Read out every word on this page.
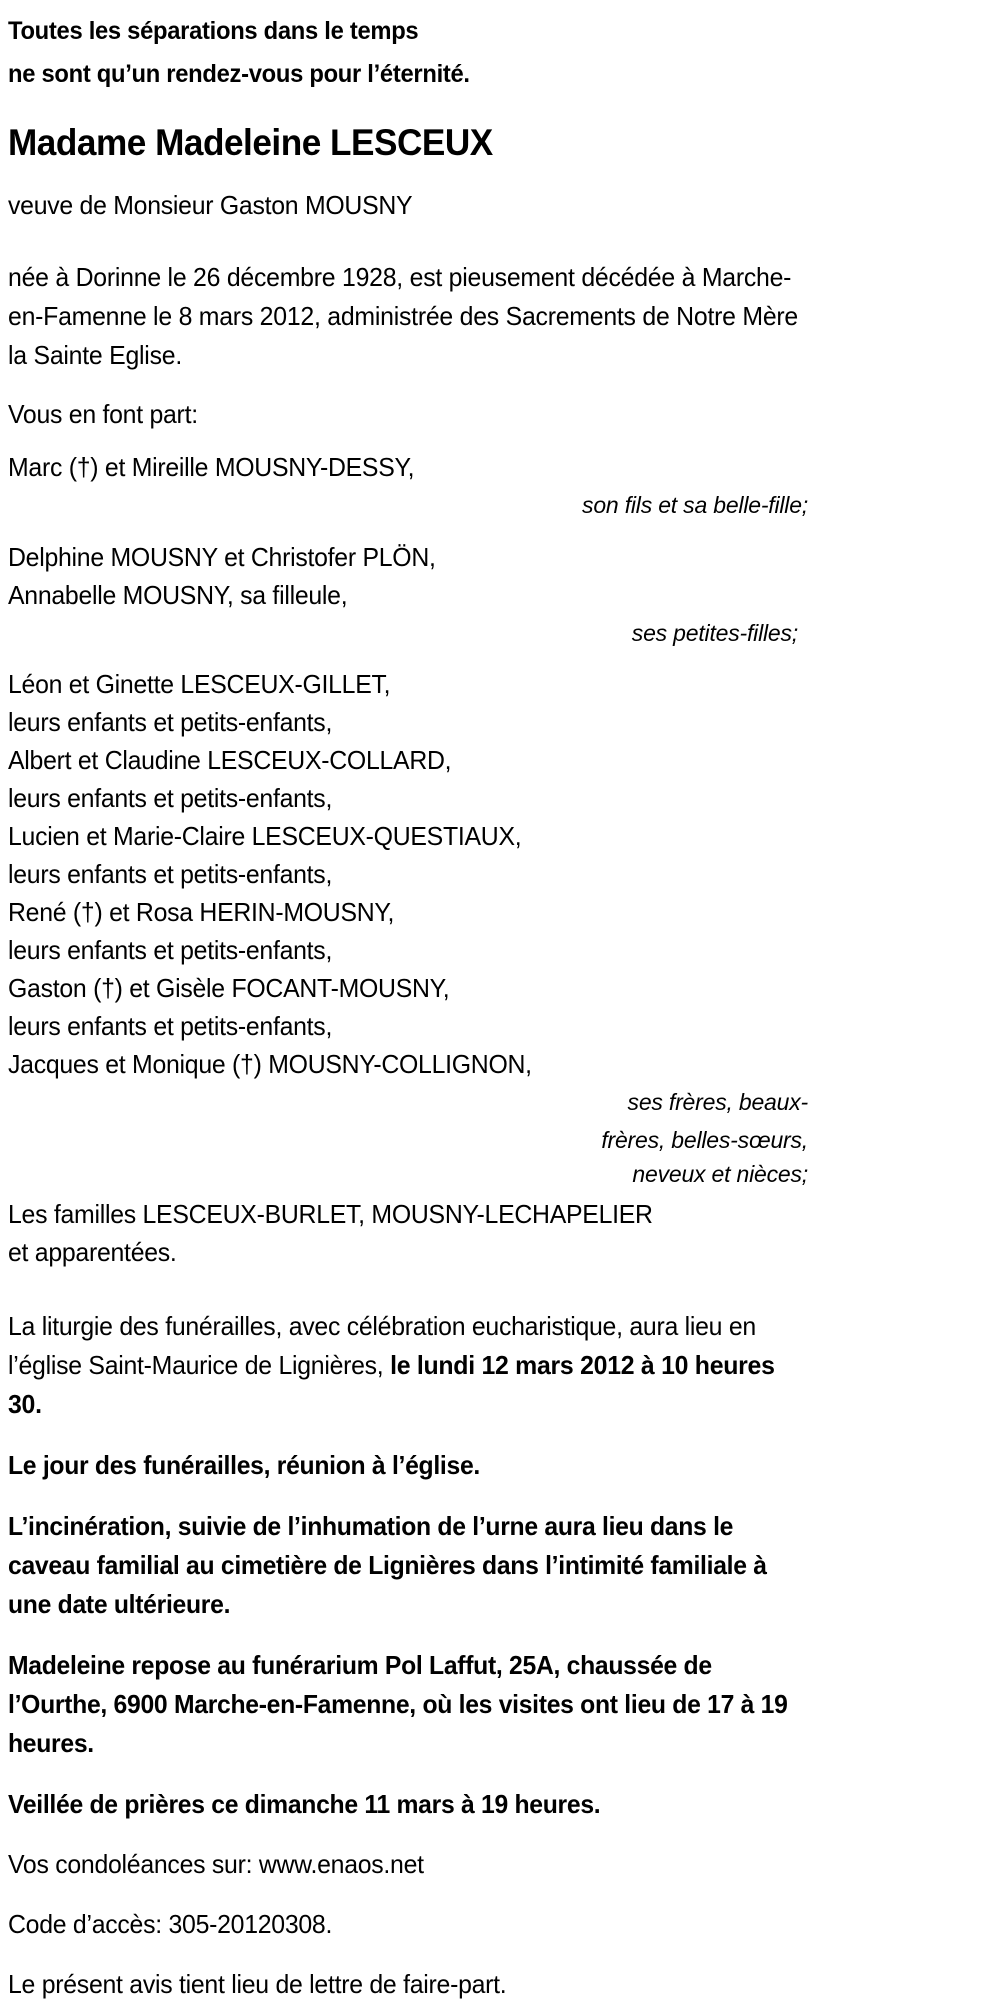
Toutes les séparations dans le temps
ne sont qu’un rendez-vous pour l’éternité.
Madame Madeleine LESCEUX
veuve de Monsieur Gaston MOUSNY
née à Dorinne le 26 décembre 1928, est pieusement décédée à Marche-en-Famenne le 8 mars 2012, administrée des Sacrements de Notre Mère la Sainte Eglise.
Vous en font part:
Marc (†) et Mireille MOUSNY-DESSY,
son fils et sa belle-fille;
Delphine MOUSNY et Christofer PLÖN,
Annabelle MOUSNY, sa filleule,
ses petites-filles;
Léon et Ginette LESCEUX-GILLET,
leurs enfants et petits-enfants,
Albert et Claudine LESCEUX-COLLARD,
leurs enfants et petits-enfants,
Lucien et Marie-Claire LESCEUX-QUESTIAUX,
leurs enfants et petits-enfants,
René (†) et Rosa HERIN-MOUSNY,
leurs enfants et petits-enfants,
Gaston (†) et Gisèle FOCANT-MOUSNY,
leurs enfants et petits-enfants,
Jacques et Monique (†) MOUSNY-COLLIGNON,
ses frères, beaux-frères, belles-sœurs,
neveux et nièces;
Les familles LESCEUX-BURLET, MOUSNY-LECHAPELIER
et apparentées.
La liturgie des funérailles, avec célébration eucharistique, aura lieu en l’église Saint-Maurice de Lignières, le lundi 12 mars 2012 à 10 heures 30.
Le jour des funérailles, réunion à l’église.
L’incinération, suivie de l’inhumation de l’urne aura lieu dans le caveau familial au cimetière de Lignières dans l’intimité familiale à une date ultérieure.
Madeleine repose au funérarium Pol Laffut, 25A, chaussée de l’Ourthe, 6900 Marche-en-Famenne, où les visites ont lieu de 17 à 19 heures.
Veillée de prières ce dimanche 11 mars à 19 heures.
Vos condoléances sur: www.enaos.net
Code d’accès: 305-20120308.
Le présent avis tient lieu de lettre de faire-part.
